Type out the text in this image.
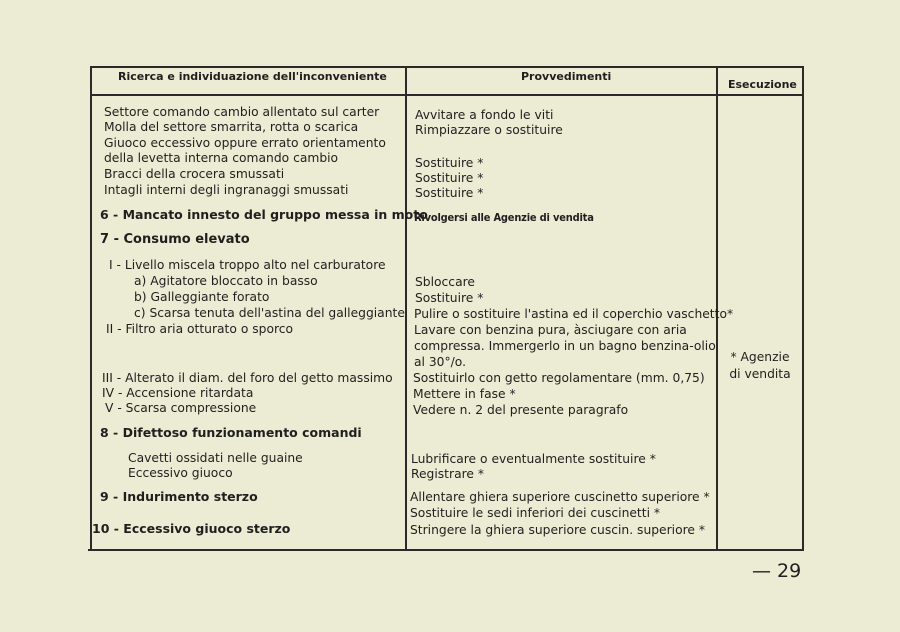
Ricerca e individuazione dell'inconveniente	Provvedimenti
Esecuzione
Settore comando cambio allentato sul carter
Molla del settore smarrita, rotta o scarica
Giuoco eccessivo oppure errato orientamento
della levetta interna comando cambio
Bracci della crocera smussati
Intagli interni degli ingranaggi smussati
6 - Mancato innesto del gruppo messa in moto
7 - Consumo elevato
I - Livello miscela troppo alto nel carburatore
a) Agitatore bloccato in basso
b) Galleggiante forato
c) Scarsa tenuta dell'astina del galleggiante
II - Filtro aria otturato o sporco
III - Alterato il diam. del foro del getto massimo
IV - Accensione ritardata
V - Scarsa compressione
8 - Difettoso funzionamento comandi
Cavetti ossidati nelle guaine
Eccessivo giuoco
9 - Indurimento sterzo
10 - Eccessivo giuoco sterzo
Avvitare a fondo le viti
Rimpiazzare o sostituire
Sostituire *
Sostituire *
Sostituire *
Rivolgersi alle Agenzie di vendita
Sbloccare
Sostituire *
Pulire o sostituire l'astina ed il coperchio vaschetto*
Lavare con benzina pura, àsciugare con aria
compressa. Immergerlo in un bagno benzina-olio
al 30°/o.
Sostituirlo con getto regolamentare (mm. 0,75)
Mettere in fase *
Vedere n. 2 del presente paragrafo
Lubrificare o eventualmente sostituire *
Registrare *
Allentare ghiera superiore cuscinetto superiore *
Sostituire le sedi inferiori dei cuscinetti *
Stringere la ghiera superiore cuscin. superiore *
* Agenzie
di vendita
— 29
